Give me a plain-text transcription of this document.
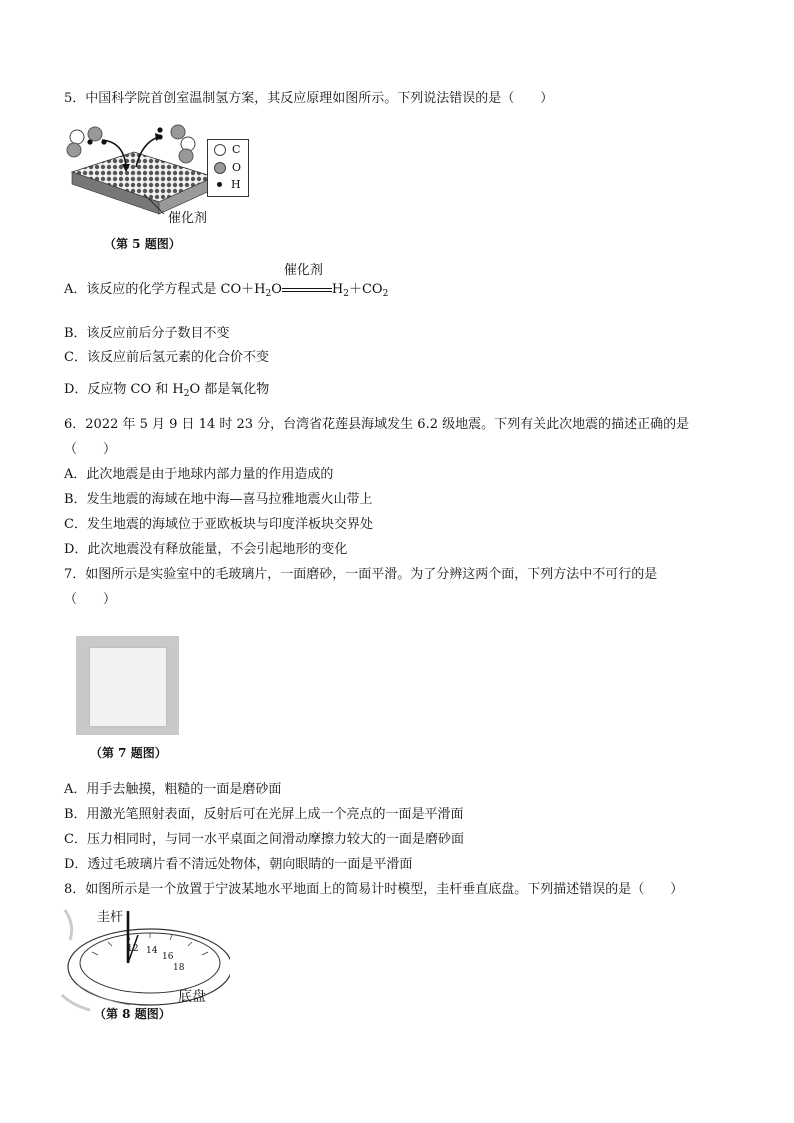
5．中国科学院首创室温制氢方案，其反应原理如图所示。下列说法错误的是（　　）
C
O
H
催化剂
（第 5 题图）
A．该反应的化学方程式是 $CO+H_2O$
催化剂
$H_2+CO_2$
B．该反应前后分子数目不变
C．该反应前后氢元素的化合价不变
D．反应物 CO 和 $H_2O$ 都是氧化物
6．2022 年 5 月 9 日 14 时 23 分，台湾省花莲县海域发生 6.2 级地震。下列有关此次地震的描述正确的是
（　　）
A．此次地震是由于地球内部力量的作用造成的
B．发生地震的海域在地中海—喜马拉雅地震火山带上
C．发生地震的海域位于亚欧板块与印度洋板块交界处
D．此次地震没有释放能量，不会引起地形的变化
7．如图所示是实验室中的毛玻璃片，一面磨砂，一面平滑。为了分辨这两个面，下列方法中不可行的是
（　　）
（第 7 题图）
A．用手去触摸，粗糙的一面是磨砂面
B．用激光笔照射表面，反射后可在光屏上成一个亮点的一面是平滑面
C．压力相同时，与同一水平桌面之间滑动摩擦力较大的一面是磨砂面
D．透过毛玻璃片看不清远处物体，朝向眼睛的一面是平滑面
8．如图所示是一个放置于宁波某地水平地面上的简易计时模型，圭杆垂直底盘。下列描述错误的是（　　）
12 14
16
18
圭杆
底盘
（第 8 题图）
